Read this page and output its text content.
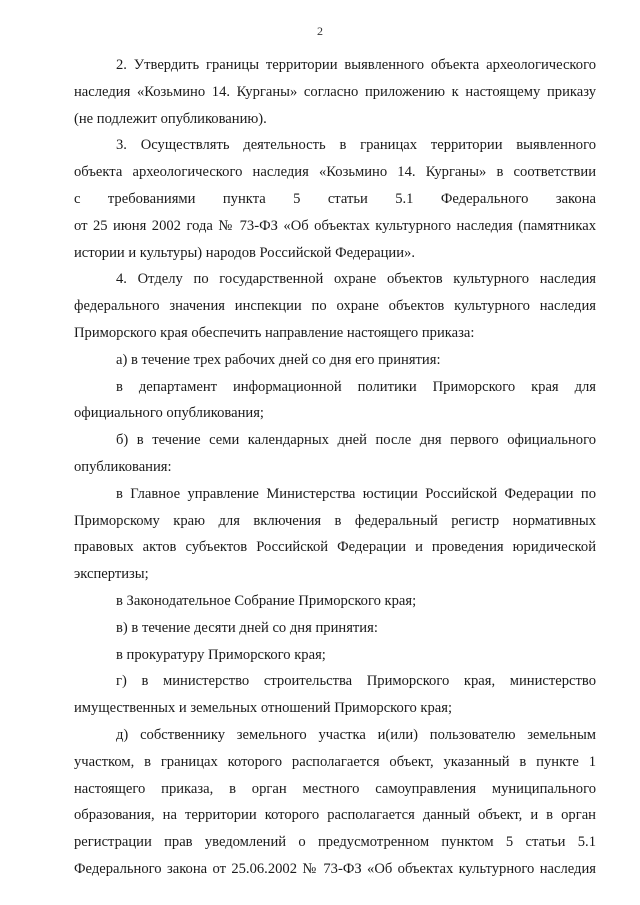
2
2. Утвердить границы территории выявленного объекта археологического
наследия «Козьмино 14. Курганы» согласно приложению к настоящему приказу
(не подлежит опубликованию).
3. Осуществлять деятельность в границах территории выявленного
объекта археологического наследия «Козьмино 14. Курганы» в соответствии
с требованиями пункта 5 статьи 5.1 Федерального закона
от 25 июня 2002 года № 73-ФЗ «Об объектах культурного наследия (памятниках
истории и культуры) народов Российской Федерации».
4. Отделу по государственной охране объектов культурного наследия
федерального значения инспекции по охране объектов культурного наследия
Приморского края обеспечить направление настоящего приказа:
а) в течение трех рабочих дней со дня его принятия:
в департамент информационной политики Приморского края для
официального опубликования;
б) в течение семи календарных дней после дня первого официального
опубликования:
в Главное управление Министерства юстиции Российской Федерации по
Приморскому краю для включения в федеральный регистр нормативных
правовых актов субъектов Российской Федерации и проведения юридической
экспертизы;
в Законодательное Собрание Приморского края;
в) в течение десяти дней со дня принятия:
в прокуратуру Приморского края;
г) в министерство строительства Приморского края, министерство
имущественных и земельных отношений Приморского края;
д) собственнику земельного участка и(или) пользователю земельным
участком, в границах которого располагается объект, указанный в пункте 1
настоящего приказа, в орган местного самоуправления муниципального
образования, на территории которого располагается данный объект, и в орган
регистрации прав уведомлений о предусмотренном пунктом 5 статьи 5.1
Федерального закона от 25.06.2002 № 73-ФЗ «Об объектах культурного наследия
